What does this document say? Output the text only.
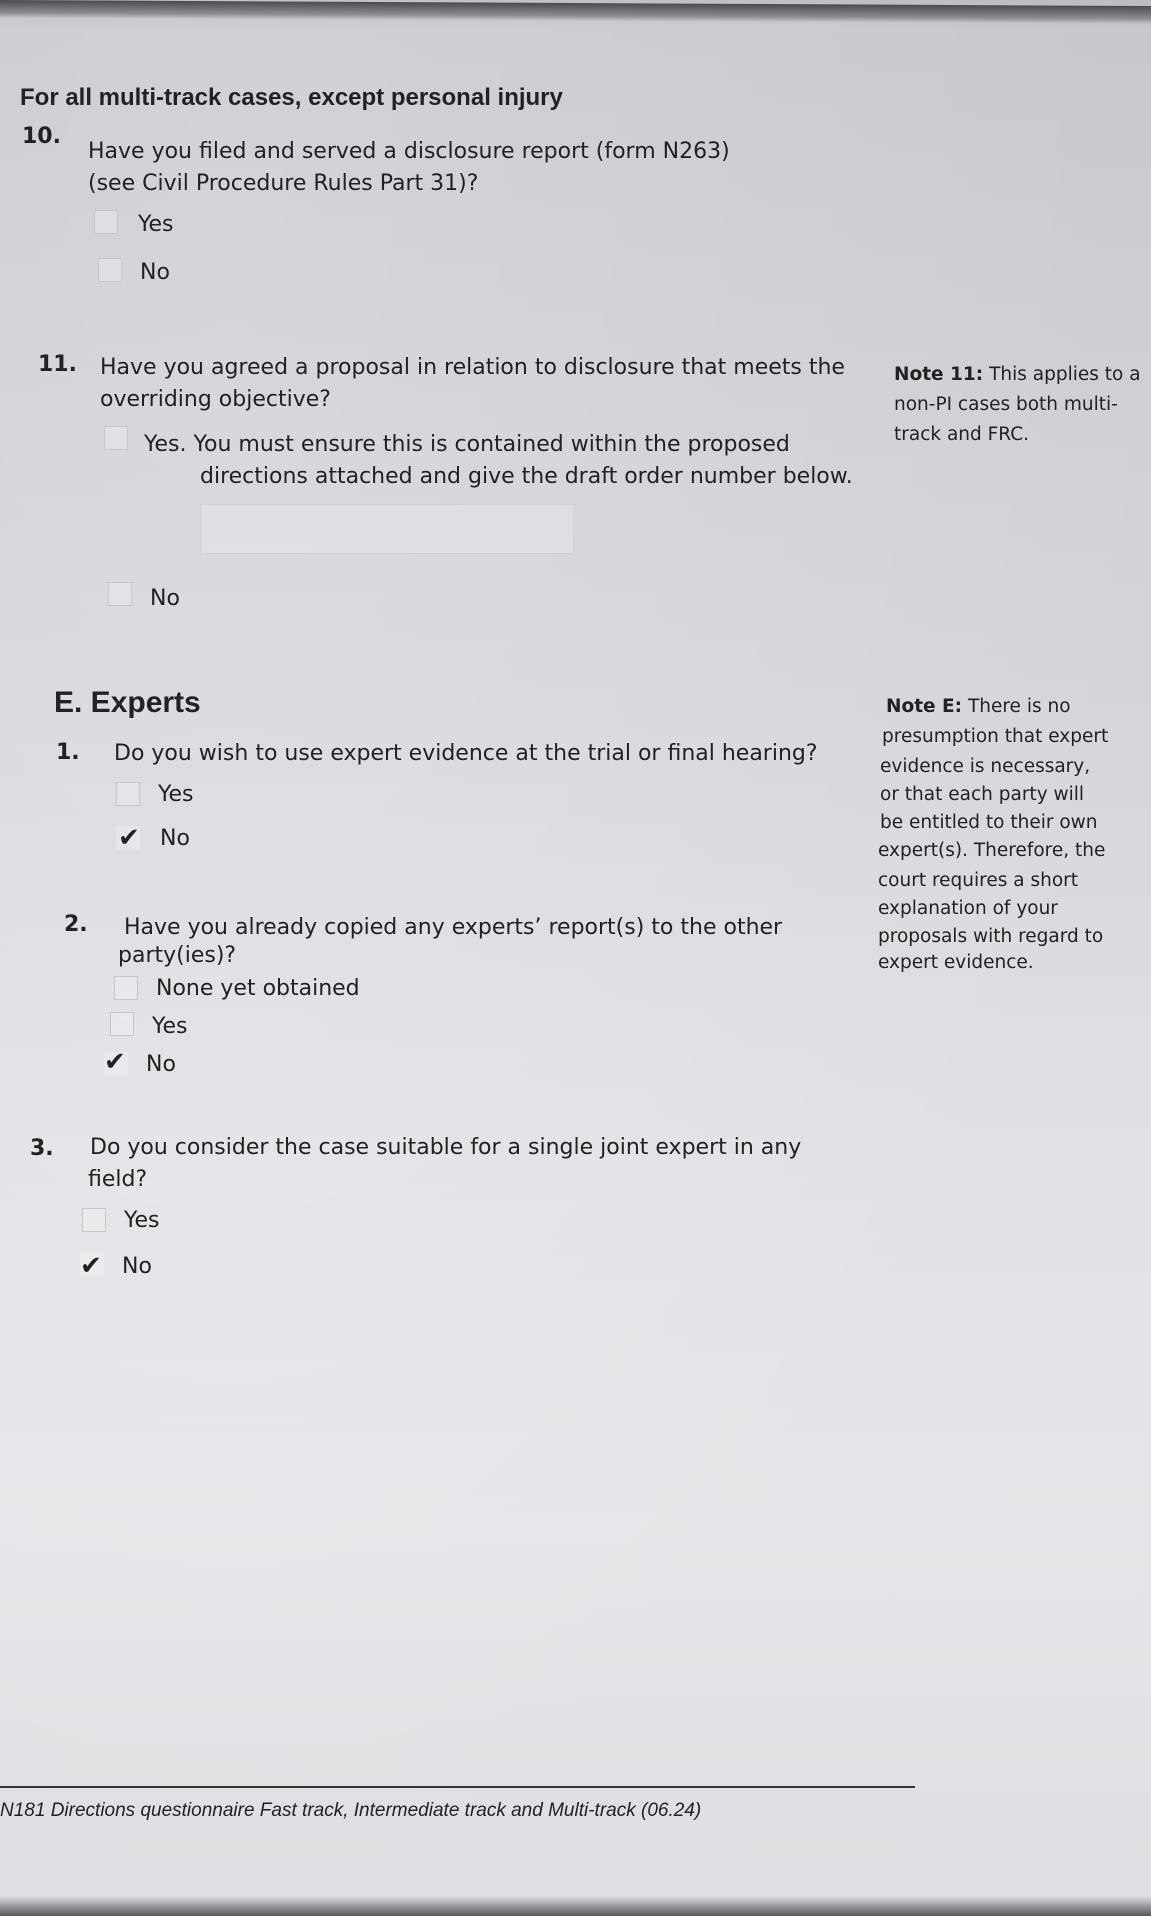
For all multi-track cases, except personal injury

10.
Have you filed and served a disclosure report (form N263)
(see Civil Procedure Rules Part 31)?
Yes
No
11. Have you agreed a proposal in relation to disclosure that meets the
overriding objective?
Yes. You must ensure this is contained within the proposed
directions attached and give the draft order number below.
No
Note 11: This applies to a
non-PI cases both multi-
track and FRC.
E. Experts
1. Do you wish to use expert evidence at the trial or final hearing?
Yes
✔ No
2. Have you already copied any experts’ report(s) to the other
party(ies)?
None yet obtained
Yes
✔ No
3. Do you consider the case suitable for a single joint expert in any
field?
Yes
✔ No
Note E: There is no
presumption that expert
evidence is necessary,
or that each party will
be entitled to their own
expert(s). Therefore, the
court requires a short
explanation of your
proposals with regard to
expert evidence.
N181 Directions questionnaire Fast track, Intermediate track and Multi-track (06.24)
